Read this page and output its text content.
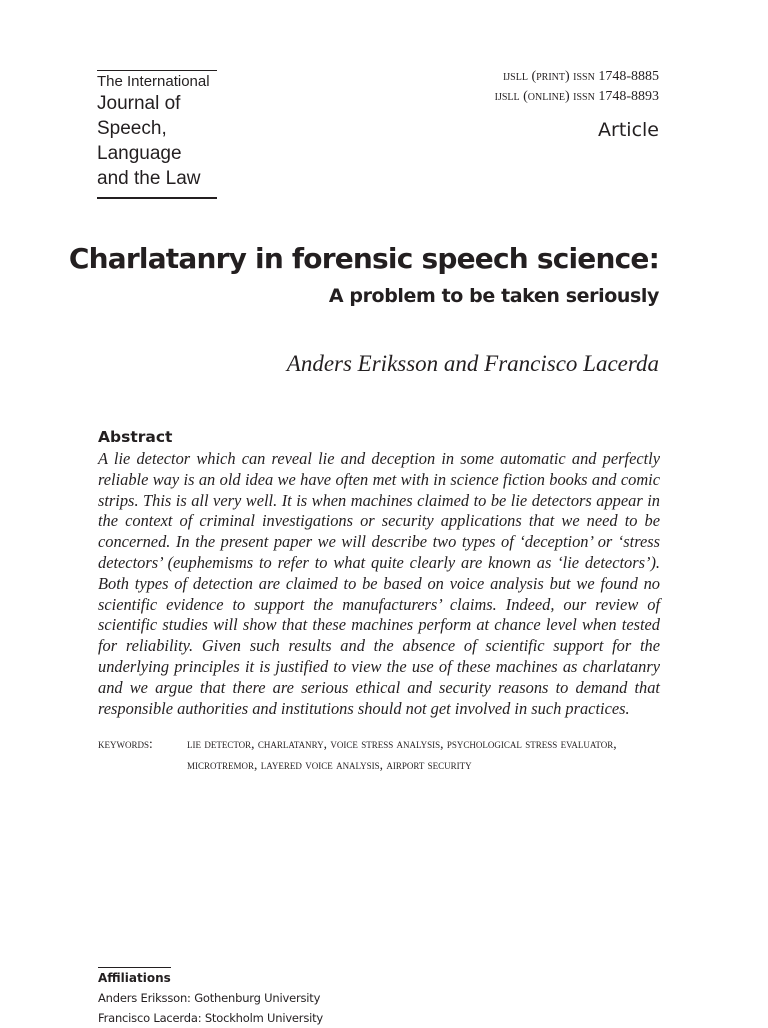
The International
Journal of
Speech,
Language
and the Law
ijsll (print) issn 1748-8885
ijsll (online) issn 1748-8893
Article
Charlatanry in forensic speech science:
A problem to be taken seriously
Anders Eriksson and Francisco Lacerda
Abstract

A lie detector which can reveal lie and deception in some automatic and perfectly reliable way is an old idea we have often met with in science fiction books and comic strips. This is all very well. It is when machines claimed to be lie detectors appear in the context of criminal investigations or security applications that we need to be concerned. In the present paper we will describe two types of ‘deception’ or ‘stress detectors’ (euphemisms to refer to what quite clearly are known as ‘lie detectors’). Both types of detection are claimed to be based on voice analysis but we found no scientific evidence to support the manufacturers’ claims. Indeed, our review of scientific studies will show that these machines perform at chance level when tested for reliability. Given such results and the absence of scientific support for the underlying principles it is justified to view the use of these machines as charlatanry and we argue that there are serious ethical and security reasons to demand that responsible authorities and institutions should not get involved in such practices.

keywords:	lie detector, charlatanry, voice stress analysis, psychological stress evaluator, microtremor, layered voice analysis, airport security
Affiliations
Anders Eriksson: Gothenburg University
Francisco Lacerda: Stockholm University
